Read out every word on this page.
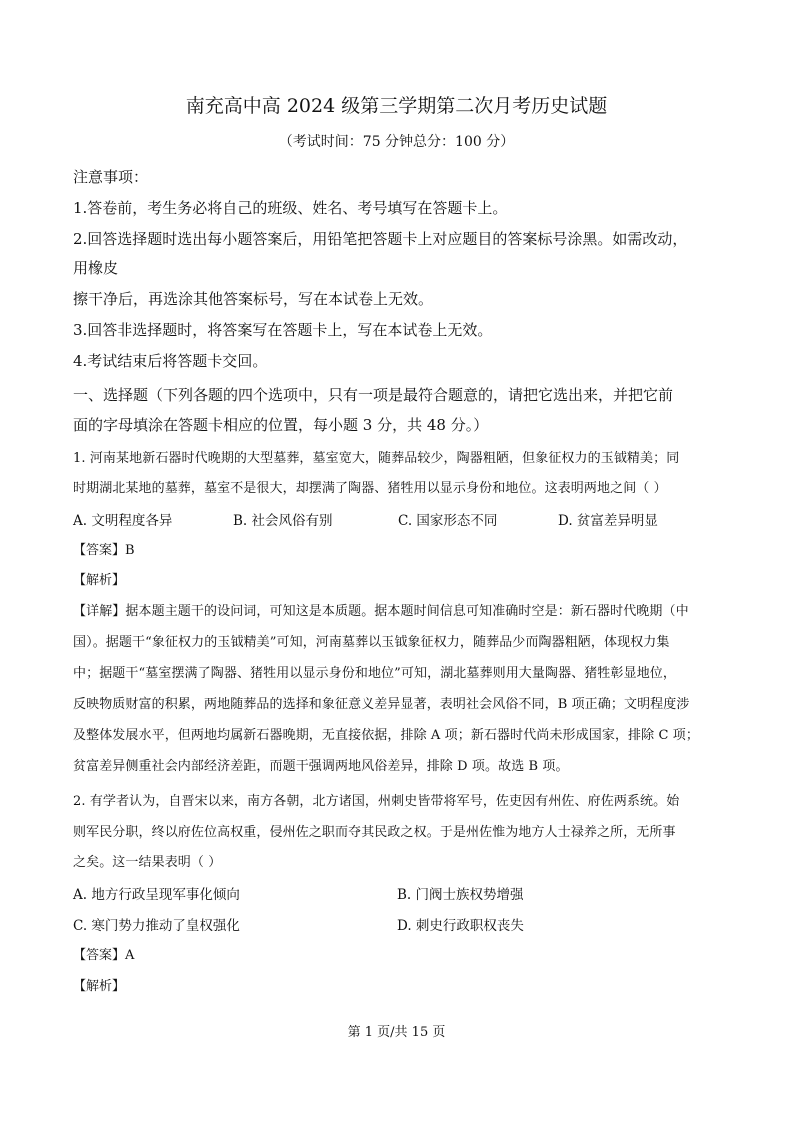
南充高中高 2024 级第三学期第二次月考历史试题
（考试时间：75 分钟总分：100 分）
注意事项：
1.答卷前，考生务必将自己的班级、姓名、考号填写在答题卡上。
2.回答选择题时选出每小题答案后，用铅笔把答题卡上对应题目的答案标号涂黑。如需改动，
用橡皮
擦干净后，再选涂其他答案标号，写在本试卷上无效。
3.回答非选择题时，将答案写在答题卡上，写在本试卷上无效。
4.考试结束后将答题卡交回。
一、选择题（下列各题的四个选项中，只有一项是最符合题意的，请把它选出来，并把它前
面的字母填涂在答题卡相应的位置，每小题 3 分，共 48 分。）
1. 河南某地新石器时代晚期的大型墓葬，墓室宽大，随葬品较少，陶器粗陋，但象征权力的玉钺精美；同
时期湖北某地的墓葬，墓室不是很大，却摆满了陶器、猪牲用以显示身份和地位。这表明两地之间（ ）
A. 文明程度各异	B. 社会风俗有别	C. 国家形态不同	D. 贫富差异明显
【答案】B
【解析】
【详解】据本题主题干的设问词，可知这是本质题。据本题时间信息可知准确时空是：新石器时代晚期（中
国）。据题干“象征权力的玉钺精美”可知，河南墓葬以玉钺象征权力，随葬品少而陶器粗陋，体现权力集
中；据题干“墓室摆满了陶器、猪牲用以显示身份和地位”可知，湖北墓葬则用大量陶器、猪牲彰显地位，
反映物质财富的积累，两地随葬品的选择和象征意义差异显著，表明社会风俗不同，B 项正确；文明程度涉
及整体发展水平，但两地均属新石器晚期，无直接依据，排除 A 项；新石器时代尚未形成国家，排除 C 项；
贫富差异侧重社会内部经济差距，而题干强调两地风俗差异，排除 D 项。故选 B 项。
2. 有学者认为，自晋宋以来，南方各朝，北方诸国，州刺史皆带将军号，佐吏因有州佐、府佐两系统。始
则军民分职，终以府佐位高权重，侵州佐之职而夺其民政之权。于是州佐惟为地方人士禄养之所，无所事
之矣。这一结果表明（ ）
A. 地方行政呈现军事化倾向	B. 门阀士族权势增强
C. 寒门势力推动了皇权强化	D. 刺史行政职权丧失
【答案】A
【解析】
第 1 页/共 15 页
